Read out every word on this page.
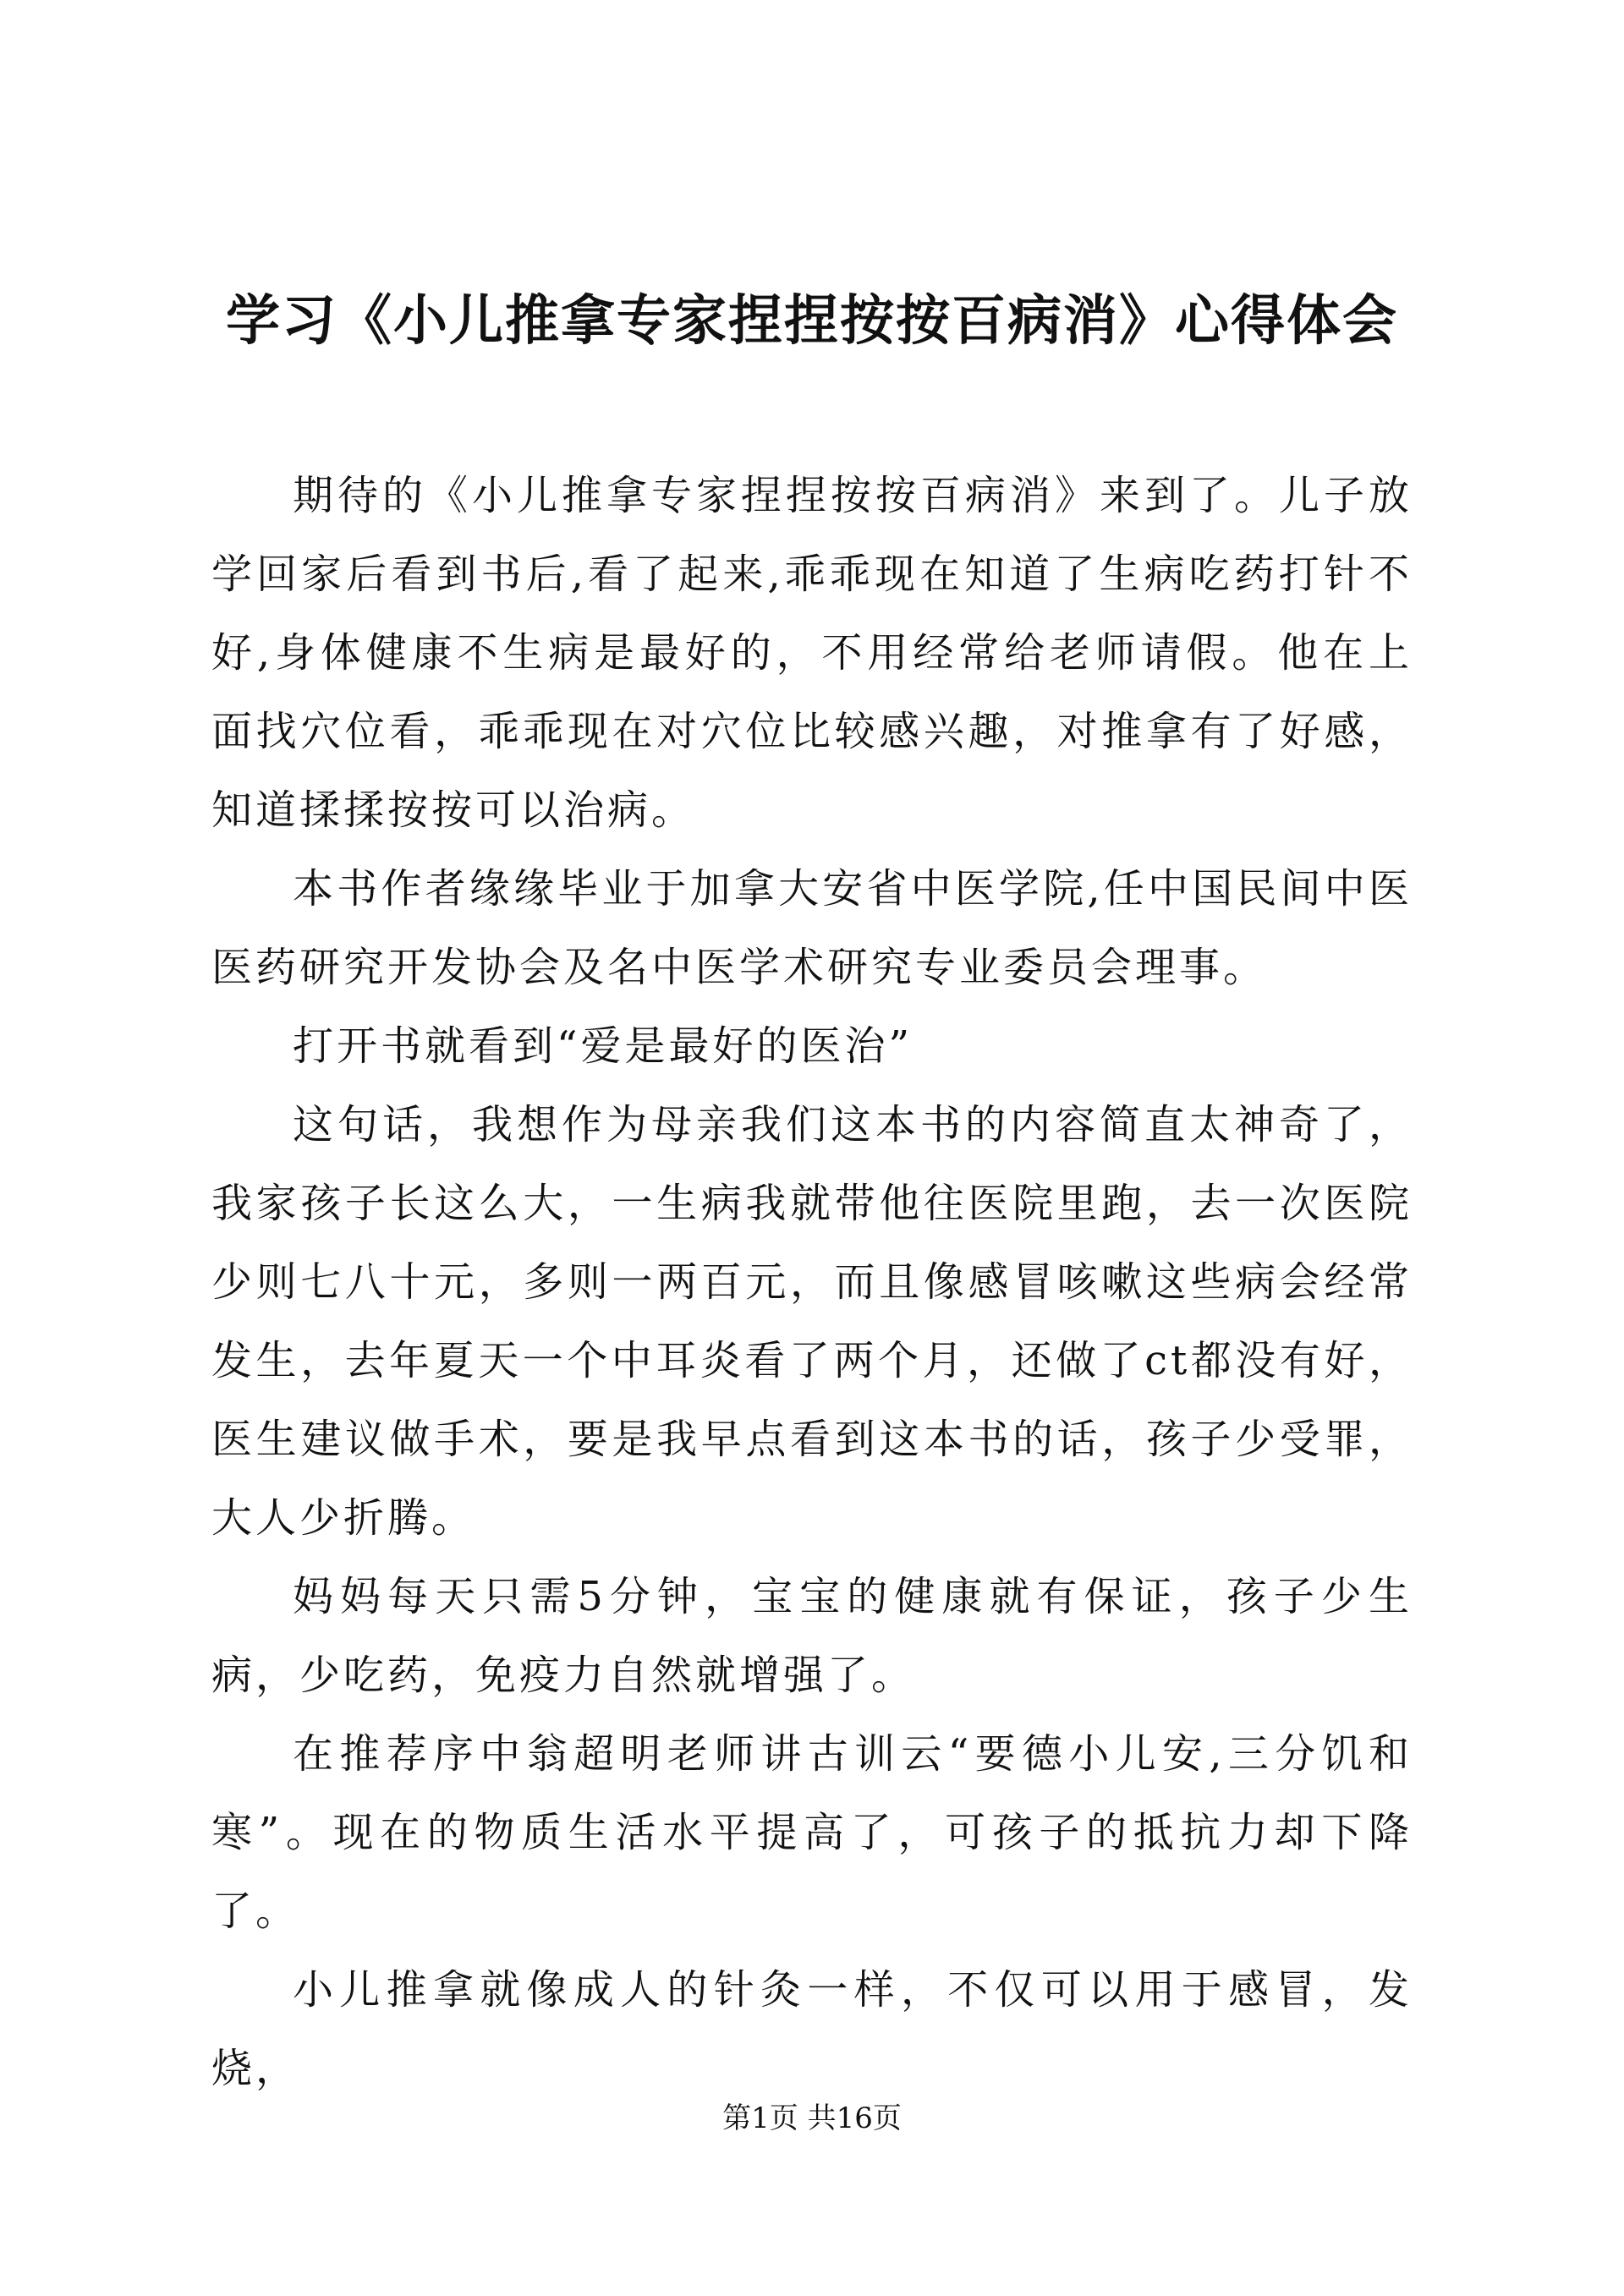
学习《小儿推拿专家捏捏按按百病消》心得体会

期待的《小儿推拿专家捏捏按按百病消》来到了。儿子放学回家后看到书后,看了起来,乖乖现在知道了生病吃药打针不好,身体健康不生病是最好的，不用经常给老师请假。他在上面找穴位看，乖乖现在对穴位比较感兴趣，对推拿有了好感，知道揉揉按按可以治病。

本书作者缘缘毕业于加拿大安省中医学院,任中国民间中医医药研究开发协会及名中医学术研究专业委员会理事。

打开书就看到“爱是最好的医治”

这句话，我想作为母亲我们这本书的内容简直太神奇了，我家孩子长这么大，一生病我就带他往医院里跑，去一次医院少则七八十元，多则一两百元，而且像感冒咳嗽这些病会经常发生，去年夏天一个中耳炎看了两个月，还做了ct都没有好，医生建议做手术，要是我早点看到这本书的话，孩子少受罪，大人少折腾。

妈妈每天只需5分钟，宝宝的健康就有保证，孩子少生病，少吃药，免疫力自然就增强了。

在推荐序中翁超明老师讲古训云“要德小儿安,三分饥和寒”。现在的物质生活水平提高了，可孩子的抵抗力却下降了。

小儿推拿就像成人的针灸一样，不仅可以用于感冒，发烧，

第1页 共16页
